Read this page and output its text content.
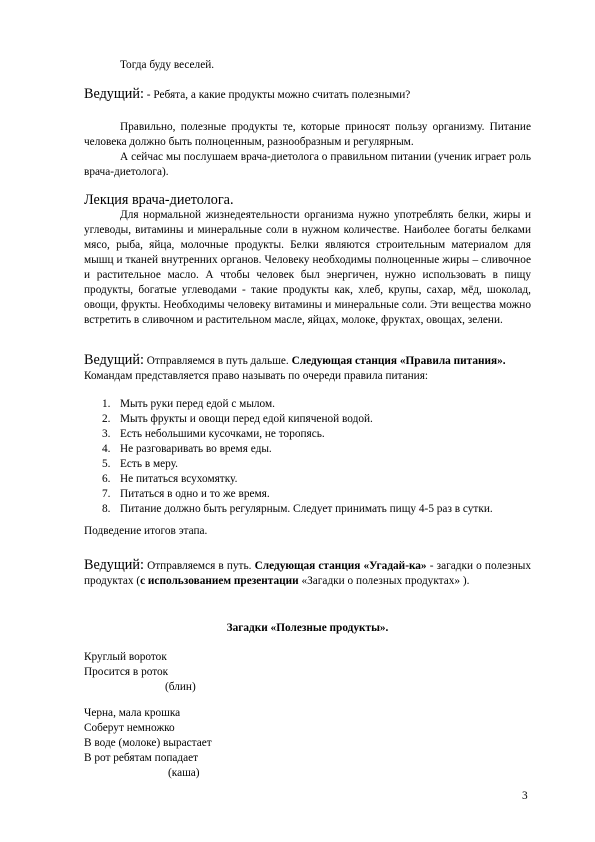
Тогда буду веселей.

Ведущий: - Ребята, а какие продукты можно считать полезными?

Правильно, полезные продукты те, которые приносят пользу организму. Питание человека должно быть полноценным, разнообразным и регулярным.

А сейчас мы послушаем врача-диетолога о правильном питании (ученик играет роль врача-диетолога).

Лекция врача-диетолога.

Для нормальной жизнедеятельности организма нужно употреблять белки, жиры и углеводы, витамины и минеральные соли в нужном количестве. Наиболее богаты белками мясо, рыба, яйца, молочные продукты. Белки являются строительным материалом для мышц и тканей внутренних органов. Человеку необходимы полноценные жиры – сливочное и растительное масло. А чтобы человек был энергичен, нужно использовать в пищу продукты, богатые углеводами - такие продукты как, хлеб, крупы, сахар, мёд, шоколад, овощи, фрукты. Необходимы человеку витамины и минеральные соли. Эти вещества можно встретить в сливочном и растительном масле, яйцах, молоке, фруктах, овощах, зелени.

Ведущий: Отправляемся в путь дальше. Следующая станция «Правила питания».

Командам представляется право называть по очереди правила питания:

1. Мыть руки перед едой с мылом.
2. Мыть фрукты и овощи перед едой кипяченой водой.
3. Есть небольшими кусочками, не торопясь.
4. Не разговаривать во время еды.
5. Есть в меру.
6. Не питаться всухомятку.
7. Питаться в одно и то же время.
8. Питание должно быть регулярным. Следует принимать пищу 4-5 раз в сутки.

Подведение итогов этапа.

Ведущий: Отправляемся в путь. Следующая станция «Угадай-ка» - загадки о полезных продуктах (с использованием презентации «Загадки о полезных продуктах» ).

Загадки «Полезные продукты».

Круглый вороток

Просится в роток

(блин)

Черна, мала крошка

Соберут немножко

В воде (молоке) вырастает

В рот ребятам попадает

(каша)

3
